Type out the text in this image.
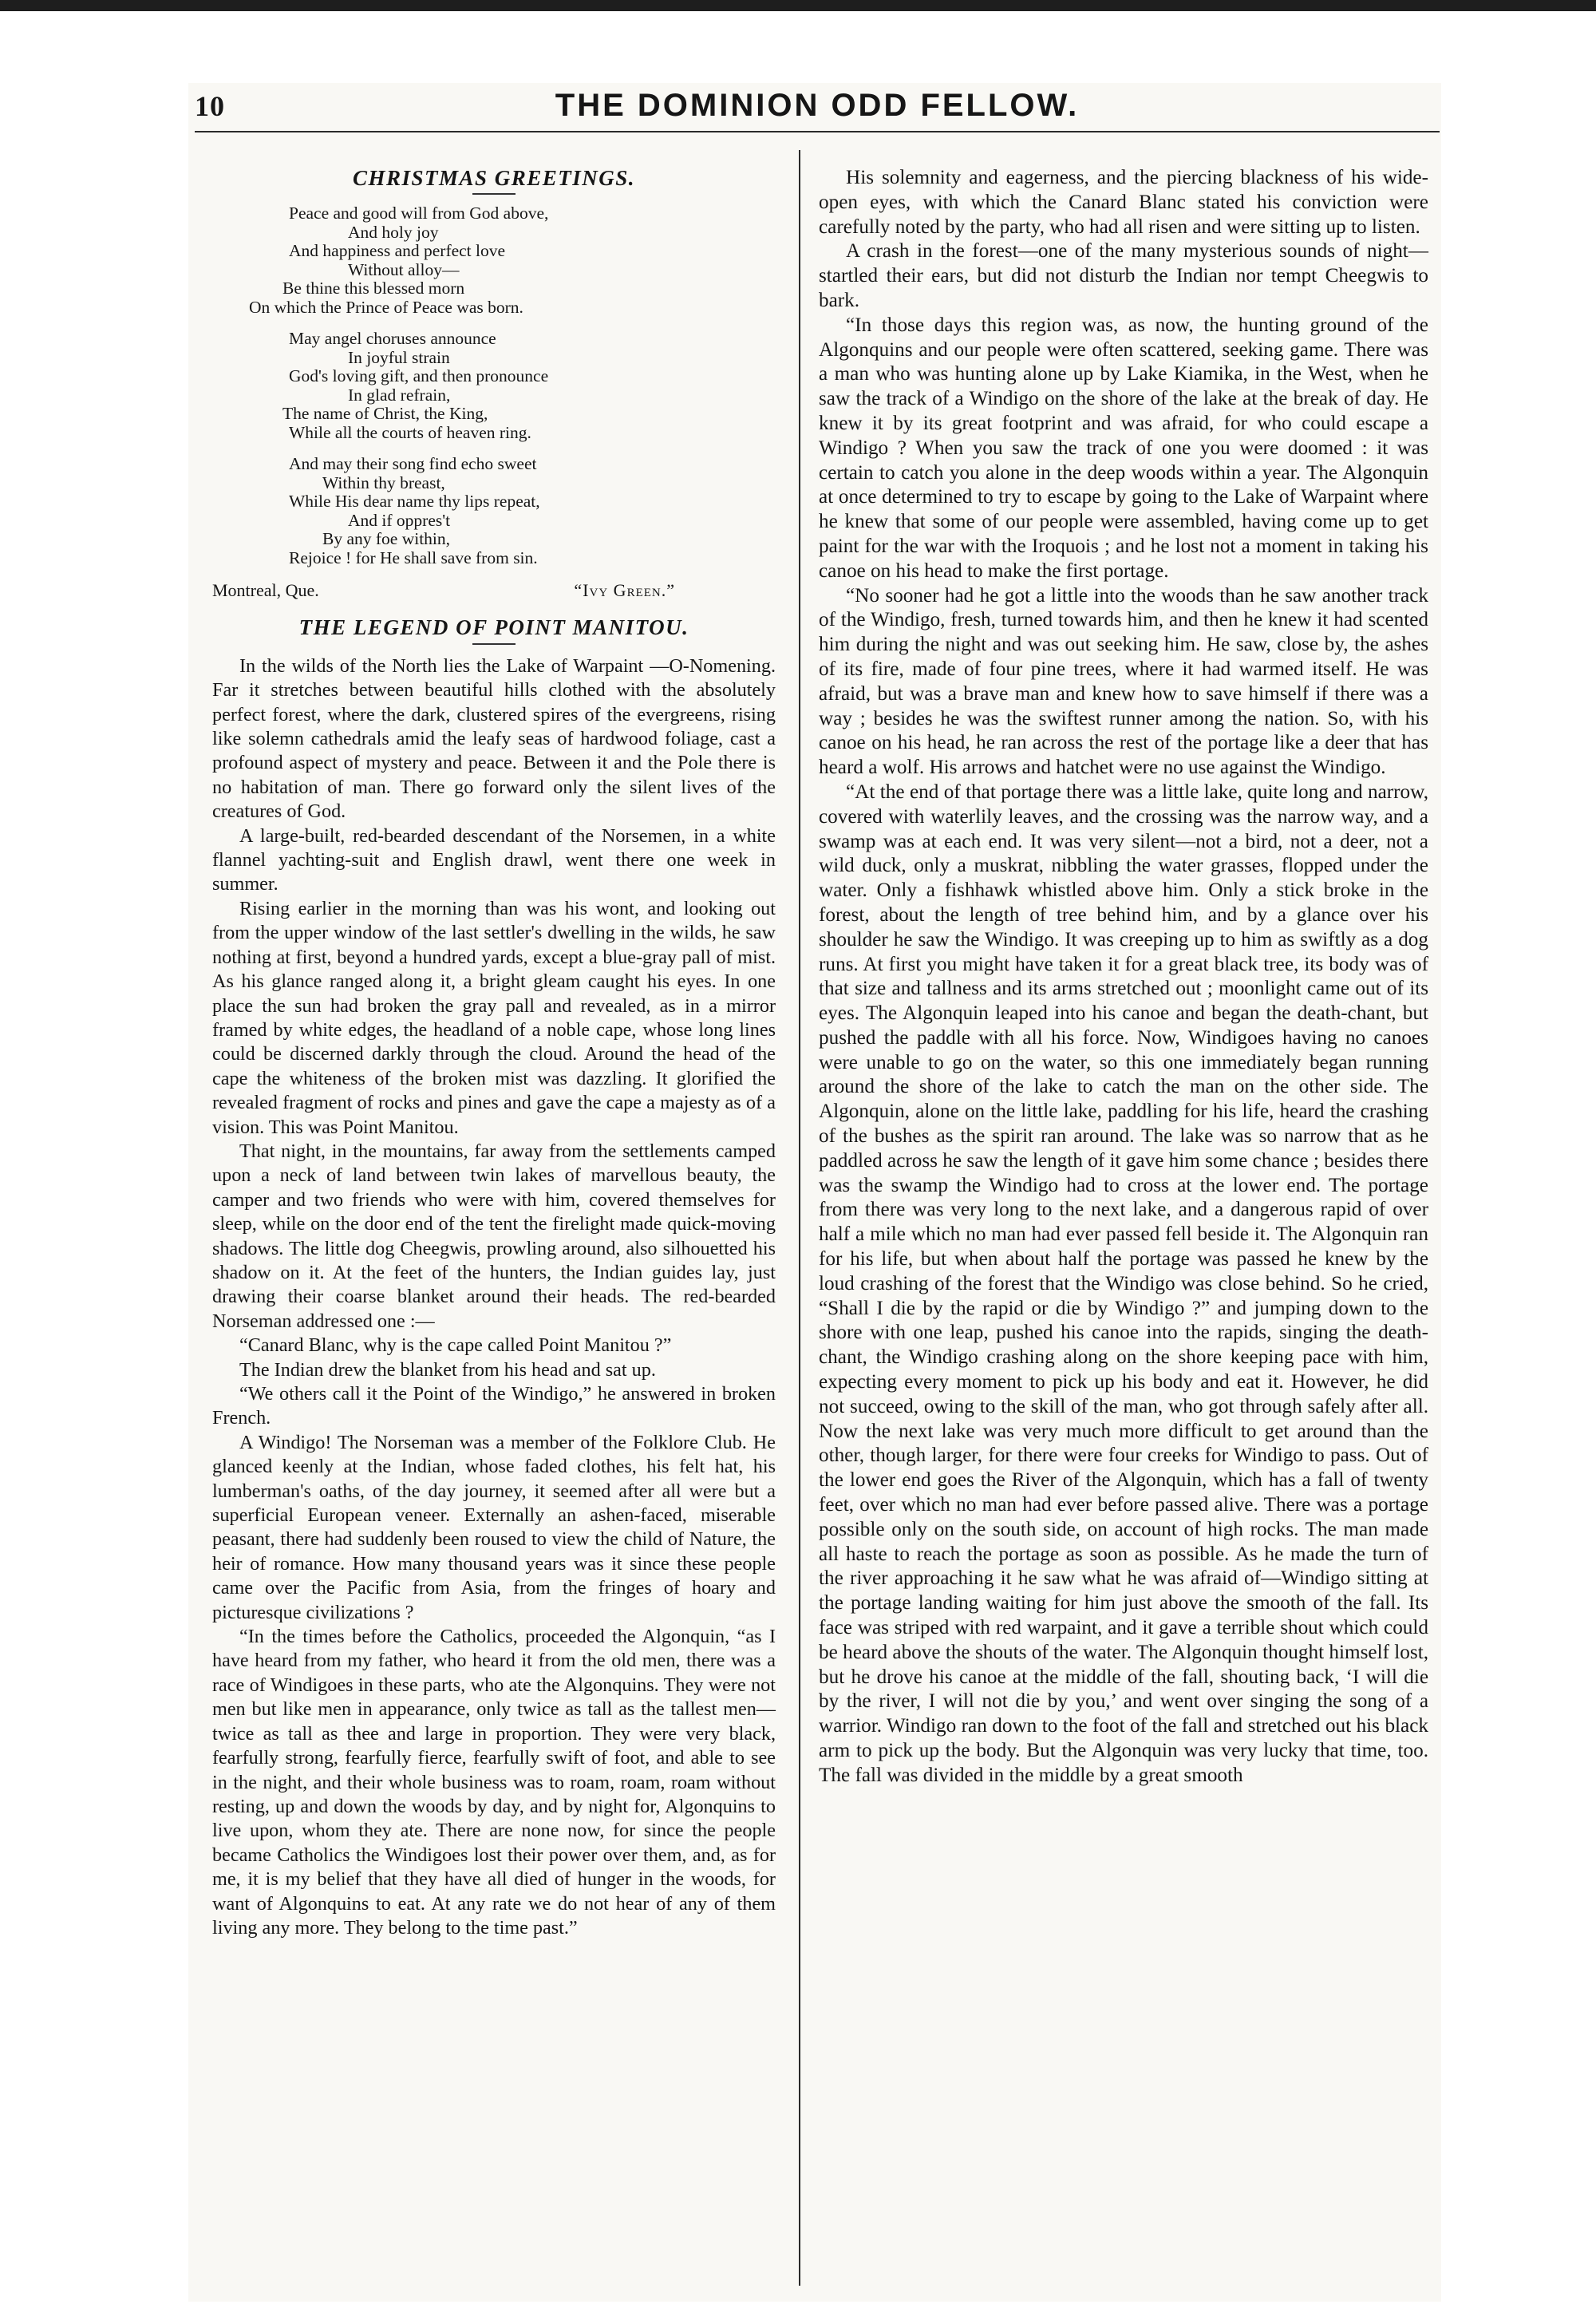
10	THE DOMINION ODD FELLOW.
CHRISTMAS GREETINGS.
Peace and good will from God above,
And holy joy
And happiness and perfect love
Without alloy—
Be thine this blessed morn
On which the Prince of Peace was born.
May angel choruses announce
In joyful strain
God's loving gift, and then pronounce
In glad refrain,
The name of Christ, the King,
While all the courts of heaven ring.
And may their song find echo sweet
Within thy breast,
While His dear name thy lips repeat,
And if oppres't
By any foe within,
Rejoice ! for He shall save from sin.
Montreal, Que.	“Ivy Green.”
THE LEGEND OF POINT MANITOU.

In the wilds of the North lies the Lake of Warpaint —O-Nomening. Far it stretches between beautiful hills clothed with the absolutely perfect forest, where the dark, clustered spires of the evergreens, rising like solemn cathedrals amid the leafy seas of hardwood foliage, cast a profound aspect of mystery and peace. Between it and the Pole there is no habitation of man. There go forward only the silent lives of the creatures of God.

A large-built, red-bearded descendant of the Norsemen, in a white flannel yachting-suit and English drawl, went there one week in summer.

Rising earlier in the morning than was his wont, and looking out from the upper window of the last settler's dwelling in the wilds, he saw nothing at first, beyond a hundred yards, except a blue-gray pall of mist. As his glance ranged along it, a bright gleam caught his eyes. In one place the sun had broken the gray pall and revealed, as in a mirror framed by white edges, the headland of a noble cape, whose long lines could be discerned darkly through the cloud. Around the head of the cape the whiteness of the broken mist was dazzling. It glorified the revealed fragment of rocks and pines and gave the cape a majesty as of a vision. This was Point Manitou.

That night, in the mountains, far away from the settlements camped upon a neck of land between twin lakes of marvellous beauty, the camper and two friends who were with him, covered themselves for sleep, while on the door end of the tent the firelight made quick-moving shadows. The little dog Cheegwis, prowling around, also silhouetted his shadow on it. At the feet of the hunters, the Indian guides lay, just drawing their coarse blanket around their heads. The red-bearded Norseman addressed one :—

“Canard Blanc, why is the cape called Point Manitou ?”

The Indian drew the blanket from his head and sat up.

“We others call it the Point of the Windigo,” he answered in broken French.

A Windigo! The Norseman was a member of the Folklore Club. He glanced keenly at the Indian, whose faded clothes, his felt hat, his lumberman's oaths, of the day journey, it seemed after all were but a superficial European veneer. Externally an ashen-faced, miserable peasant, there had suddenly been roused to view the child of Nature, the heir of romance. How many thousand years was it since these people came over the Pacific from Asia, from the fringes of hoary and picturesque civilizations ?

“In the times before the Catholics, proceeded the Algonquin, “as I have heard from my father, who heard it from the old men, there was a race of Windigoes in these parts, who ate the Algonquins. They were not men but like men in appearance, only twice as tall as the tallest men—twice as tall as thee and large in proportion. They were very black, fearfully strong, fearfully fierce, fearfully swift of foot, and able to see in the night, and their whole business was to roam, roam, roam without resting, up and down the woods by day, and by night for, Algonquins to live upon, whom they ate. There are none now, for since the people became Catholics the Windigoes lost their power over them, and, as for me, it is my belief that they have all died of hunger in the woods, for want of Algonquins to eat. At any rate we do not hear of any of them living any more. They belong to the time past.”

His solemnity and eagerness, and the piercing blackness of his wide-open eyes, with which the Canard Blanc stated his conviction were carefully noted by the party, who had all risen and were sitting up to listen.

A crash in the forest—one of the many mysterious sounds of night—startled their ears, but did not disturb the Indian nor tempt Cheegwis to bark.

“In those days this region was, as now, the hunting ground of the Algonquins and our people were often scattered, seeking game. There was a man who was hunting alone up by Lake Kiamika, in the West, when he saw the track of a Windigo on the shore of the lake at the break of day. He knew it by its great footprint and was afraid, for who could escape a Windigo ? When you saw the track of one you were doomed : it was certain to catch you alone in the deep woods within a year. The Algonquin at once determined to try to escape by going to the Lake of Warpaint where he knew that some of our people were assembled, having come up to get paint for the war with the Iroquois ; and he lost not a moment in taking his canoe on his head to make the first portage.

“No sooner had he got a little into the woods than he saw another track of the Windigo, fresh, turned towards him, and then he knew it had scented him during the night and was out seeking him. He saw, close by, the ashes of its fire, made of four pine trees, where it had warmed itself. He was afraid, but was a brave man and knew how to save himself if there was a way ; besides he was the swiftest runner among the nation. So, with his canoe on his head, he ran across the rest of the portage like a deer that has heard a wolf. His arrows and hatchet were no use against the Windigo.

“At the end of that portage there was a little lake, quite long and narrow, covered with waterlily leaves, and the crossing was the narrow way, and a swamp was at each end. It was very silent—not a bird, not a deer, not a wild duck, only a muskrat, nibbling the water grasses, flopped under the water. Only a fishhawk whistled above him. Only a stick broke in the forest, about the length of tree behind him, and by a glance over his shoulder he saw the Windigo. It was creeping up to him as swiftly as a dog runs. At first you might have taken it for a great black tree, its body was of that size and tallness and its arms stretched out ; moonlight came out of its eyes. The Algonquin leaped into his canoe and began the death-chant, but pushed the paddle with all his force. Now, Windigoes having no canoes were unable to go on the water, so this one immediately began running around the shore of the lake to catch the man on the other side. The Algonquin, alone on the little lake, paddling for his life, heard the crashing of the bushes as the spirit ran around. The lake was so narrow that as he paddled across he saw the length of it gave him some chance ; besides there was the swamp the Windigo had to cross at the lower end. The portage from there was very long to the next lake, and a dangerous rapid of over half a mile which no man had ever passed fell beside it. The Algonquin ran for his life, but when about half the portage was passed he knew by the loud crashing of the forest that the Windigo was close behind. So he cried, “Shall I die by the rapid or die by Windigo ?” and jumping down to the shore with one leap, pushed his canoe into the rapids, singing the death-chant, the Windigo crashing along on the shore keeping pace with him, expecting every moment to pick up his body and eat it. However, he did not succeed, owing to the skill of the man, who got through safely after all. Now the next lake was very much more difficult to get around than the other, though larger, for there were four creeks for Windigo to pass. Out of the lower end goes the River of the Algonquin, which has a fall of twenty feet, over which no man had ever before passed alive. There was a portage possible only on the south side, on account of high rocks. The man made all haste to reach the portage as soon as possible. As he made the turn of the river approaching it he saw what he was afraid of—Windigo sitting at the portage landing waiting for him just above the smooth of the fall. Its face was striped with red warpaint, and it gave a terrible shout which could be heard above the shouts of the water. The Algonquin thought himself lost, but he drove his canoe at the middle of the fall, shouting back, ‘I will die by the river, I will not die by you,’ and went over singing the song of a warrior. Windigo ran down to the foot of the fall and stretched out his black arm to pick up the body. But the Algonquin was very lucky that time, too. The fall was divided in the middle by a great smooth
